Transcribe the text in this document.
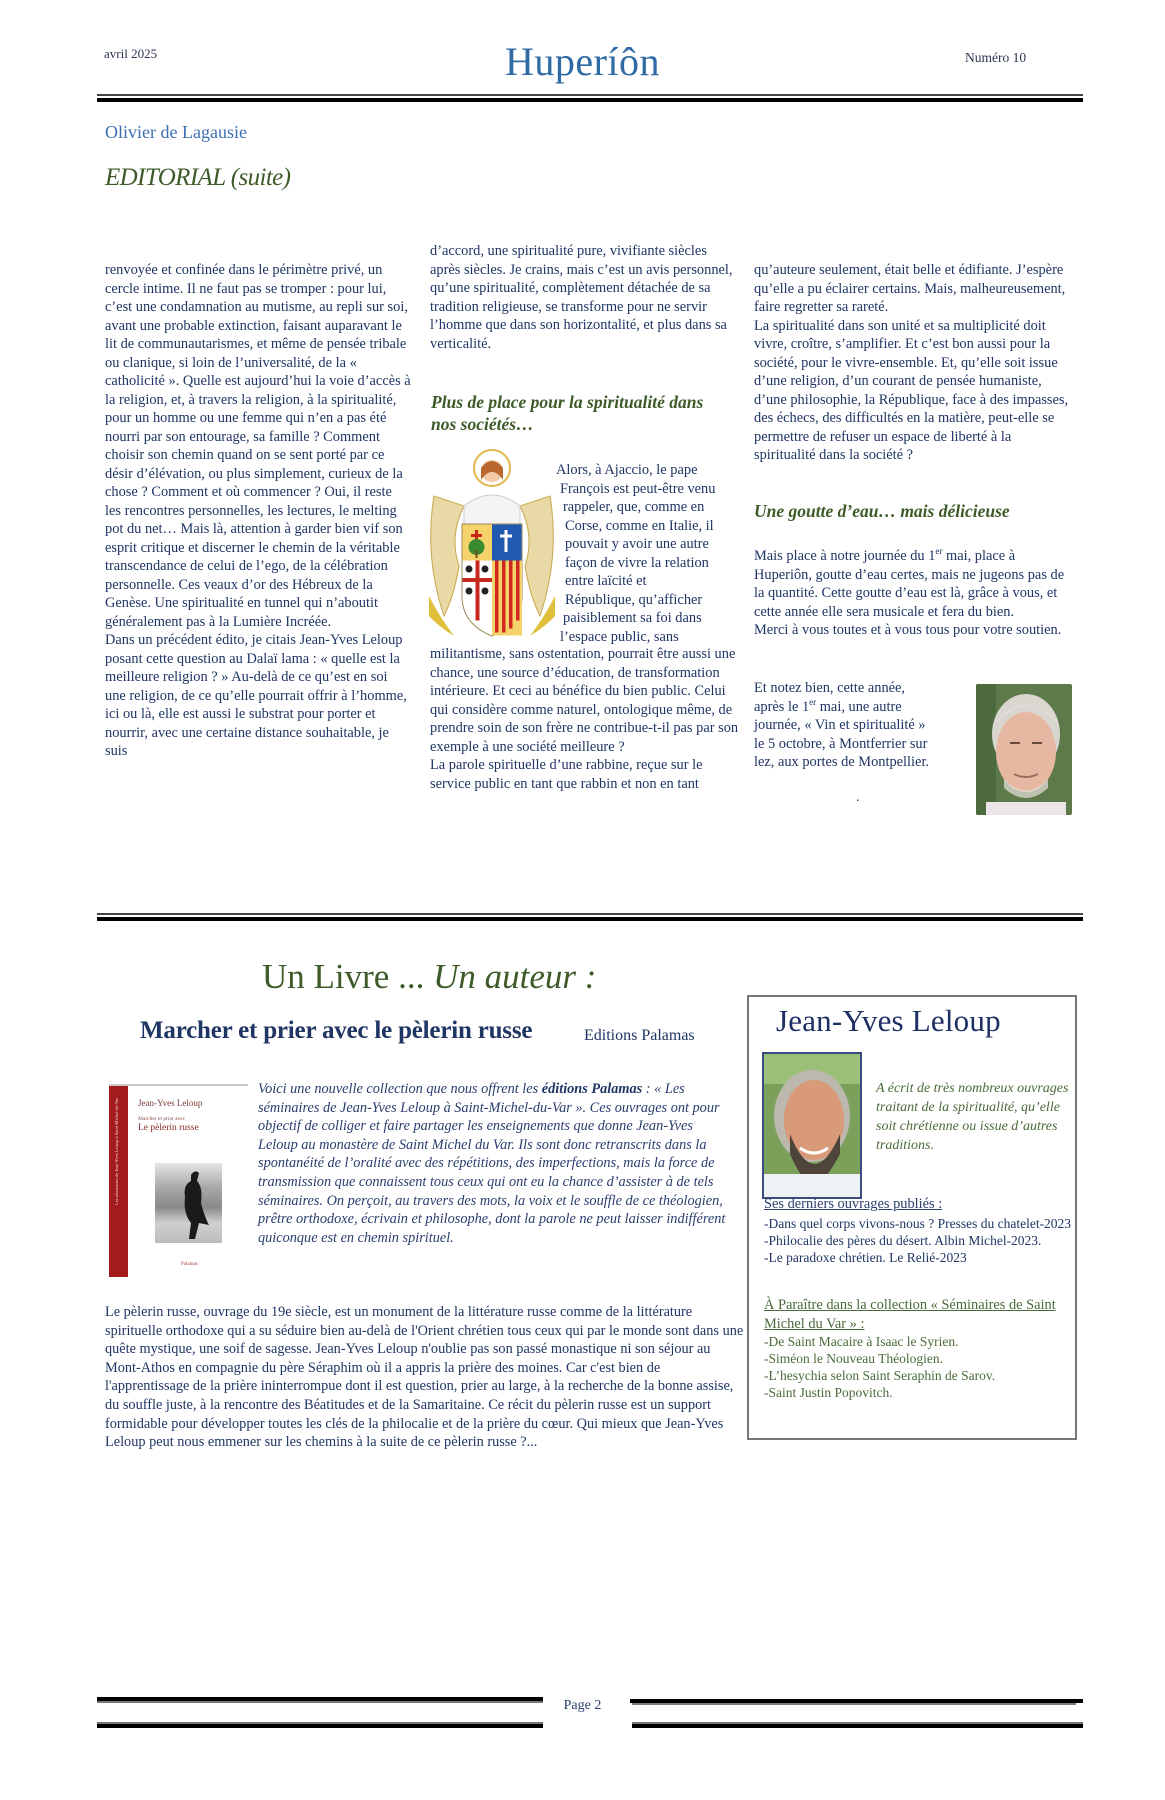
avril 2025	Huperíôn	Numéro 10
Olivier de Lagausie
EDITORIAL (suite)

renvoyée et confinée dans le périmètre privé, un cercle intime. Il ne faut pas se tromper : pour lui, c’est une condamnation au mutisme, au repli sur soi, avant une probable extinction, faisant auparavant le lit de communautarismes, et même de pensée tribale ou clanique, si loin de l’universalité, de la « catholicité ». Quelle est aujourd’hui la voie d’accès à la religion, et, à travers la religion, à la spiritualité, pour un homme ou une femme qui n’en a pas été nourri par son entourage, sa famille ? Comment choisir son chemin quand on se sent porté par ce désir d’élévation, ou plus simplement, curieux de la chose ? Comment et où commencer ? Oui, il reste les rencontres personnelles, les lectures, le melting pot du net… Mais là, attention à garder bien vif son esprit critique et discerner le chemin de la véritable transcendance de celui de l’ego, de la célébration personnelle. Ces veaux d’or des Hébreux de la Genèse. Une spiritualité en tunnel qui n’aboutit généralement pas à la Lumière Incréée.

Dans un précédent édito, je citais Jean-Yves Leloup posant cette question au Dalaï lama : « quelle est la meilleure religion ? » Au-delà de ce qu’est en soi une religion, de ce qu’elle pourrait offrir à l’homme, ici ou là, elle est aussi le substrat pour porter et nourrir, avec une certaine distance souhaitable, je suis

d’accord, une spiritualité pure, vivifiante siècles après siècles. Je crains, mais c’est un avis personnel, qu’une spiritualité, complètement détachée de sa tradition religieuse, se transforme pour ne servir l’homme que dans son horizontalité, et plus dans sa verticalité.
Plus de place pour la spiritualité dans nos sociétés…
Alors, à Ajaccio, le pape
François est peut-être venu
rappeler, que, comme en
Corse, comme en Italie, il
pouvait y avoir une autre
façon de vivre la relation
entre laïcité et
République, qu’afficher
paisiblement sa foi dans
l’espace public, sans

militantisme, sans ostentation, pourrait être aussi une chance, une source d’éducation, de transformation intérieure. Et ceci au bénéfice du bien public. Celui qui considère comme naturel, ontologique même, de prendre soin de son frère ne contribue-t-il pas par son exemple à une société meilleure ?

La parole spirituelle d’une rabbine, reçue sur le service public en tant que rabbin et non en tant

qu’auteure seulement, était belle et édifiante. J’espère qu’elle a pu éclairer certains. Mais, malheureusement, faire regretter sa rareté.

La spiritualité dans son unité et sa multiplicité doit vivre, croître, s’amplifier. Et c’est bon aussi pour la société, pour le vivre-ensemble. Et, qu’elle soit issue d’une religion, d’un courant de pensée humaniste, d’une philosophie, la République, face à des impasses, des échecs, des difficultés en la matière, peut-elle se permettre de refuser un espace de liberté à la spiritualité dans la société ?

Une goutte d’eau… mais délicieuse

Mais place à notre journée du 1er mai, place à Huperiôn, goutte d’eau certes, mais ne jugeons pas de la quantité. Cette goutte d’eau est là, grâce à vous, et cette année elle sera musicale et fera du bien.

Merci à vous toutes et à vous tous pour votre soutien.

Et notez bien, cette année,
après le 1er mai, une autre
journée, « Vin et spiritualité »
le 5 octobre, à Montferrier sur
lez, aux portes de Montpellier.
.
Un Livre ... Un auteur :
Marcher et prier avec le pèlerin russe	Editions Palamas
Les séminaires de Jean-Yves Leloup à Saint-Michel-du-Var Jean-Yves Leloup
Marcher et prier avec
Le pèlerin russe
Palamas
Voici une nouvelle collection que nous offrent les éditions Palamas : « Les séminaires de Jean-Yves Leloup à Saint-Michel-du-Var ». Ces ouvrages ont pour objectif de colliger et faire partager les enseignements que donne Jean-Yves Leloup au monastère de Saint Michel du Var. Ils sont donc retranscrits dans la spontanéité de l’oralité avec des répétitions, des imperfections, mais la force de transmission que connaissent tous ceux qui ont eu la chance d’assister à de tels séminaires. On perçoit, au travers des mots, la voix et le souffle de ce théologien, prêtre orthodoxe, écrivain et philosophe, dont la parole ne peut laisser indifférent quiconque est en chemin spirituel.
Le pèlerin russe, ouvrage du 19e siècle, est un monument de la littérature russe comme de la littérature spirituelle orthodoxe qui a su séduire bien au-delà de l'Orient chrétien tous ceux qui par le monde sont dans une quête mystique, une soif de sagesse. Jean-Yves Leloup n'oublie pas son passé monastique ni son séjour au Mont-Athos en compagnie du père Séraphim où il a appris la prière des moines. Car c'est bien de l'apprentissage de la prière ininterrompue dont il est question, prier au large, à la recherche de la bonne assise, du souffle juste, à la rencontre des Béatitudes et de la Samaritaine. Ce récit du pèlerin russe est un support formidable pour développer toutes les clés de la philocalie et de la prière du cœur. Qui mieux que Jean-Yves Leloup peut nous emmener sur les chemins à la suite de ce pèlerin russe ?...
Jean-Yves Leloup
A écrit de très nombreux ouvrages traitant de la spiritualité, qu’elle soit chrétienne ou issue d’autres traditions.
Ses derniers ouvrages publiés :
-Dans quel corps vivons-nous ? Presses du chatelet-2023
-Philocalie des pères du désert. Albin Michel-2023.
-Le paradoxe chrétien. Le Relié-2023
À Paraître dans la collection « Séminaires de Saint Michel du Var » :
-De Saint Macaire à Isaac le Syrien.
-Siméon le Nouveau Théologien.
-L’hesychia selon Saint Seraphin de Sarov.
-Saint Justin Popovitch.
Page 2
